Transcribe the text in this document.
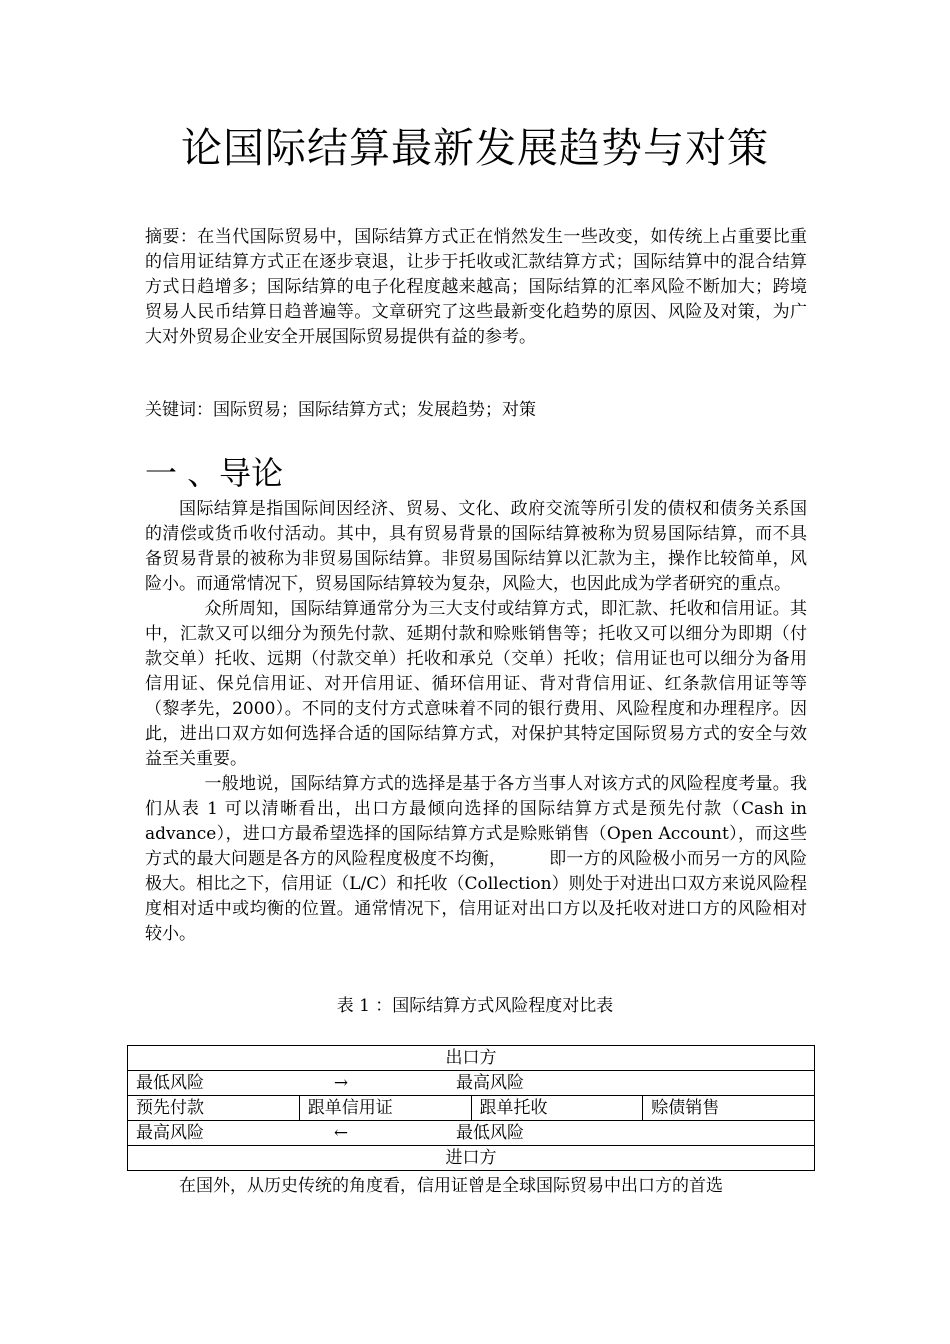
论国际结算最新发展趋势与对策
摘要：在当代国际贸易中，国际结算方式正在悄然发生一些改变，如传统上占重要比重的信用证结算方式正在逐步衰退，让步于托收或汇款结算方式；国际结算中的混合结算方式日趋增多；国际结算的电子化程度越来越高；国际结算的汇率风险不断加大；跨境贸易人民币结算日趋普遍等。文章研究了这些最新变化趋势的原因、风险及对策，为广大对外贸易企业安全开展国际贸易提供有益的参考。
关键词：国际贸易；国际结算方式；发展趋势；对策
一 、导论

国际结算是指国际间因经济、贸易、文化、政府交流等所引发的债权和债务关系国的清偿或货币收付活动。其中，具有贸易背景的国际结算被称为贸易国际结算，而不具备贸易背景的被称为非贸易国际结算。非贸易国际结算以汇款为主，操作比较简单，风险小。而通常情况下，贸易国际结算较为复杂，风险大，也因此成为学者研究的重点。

众所周知，国际结算通常分为三大支付或结算方式，即汇款、托收和信用证。其中，汇款又可以细分为预先付款、延期付款和赊账销售等；托收又可以细分为即期（付款交单）托收、远期（付款交单）托收和承兑（交单）托收；信用证也可以细分为备用信用证、保兑信用证、对开信用证、循环信用证、背对背信用证、红条款信用证等等（黎孝先，2000）。不同的支付方式意味着不同的银行费用、风险程度和办理程序。因此，进出口双方如何选择合适的国际结算方式，对保护其特定国际贸易方式的安全与效益至关重要。

一般地说，国际结算方式的选择是基于各方当事人对该方式的风险程度考量。我们从表 1 可以清晰看出，出口方最倾向选择的国际结算方式是预先付款（Cash in advance），进口方最希望选择的国际结算方式是赊账销售（Open Account），而这些方式的最大问题是各方的风险程度极度不均衡，　　　即一方的风险极小而另一方的风险极大。相比之下，信用证（L/C）和托收（Collection）则处于对进出口双方来说风险程度相对适中或均衡的位置。通常情况下，信用证对出口方以及托收对进口方的风险相对较小。

表 1 ：国际结算方式风险程度对比表
出口方
最低风险	→	最高风险
预先付款	跟单信用证	跟单托收	赊债销售
最高风险	←	最低风险
进口方

在国外，从历史传统的角度看，信用证曾是全球国际贸易中出口方的首选
